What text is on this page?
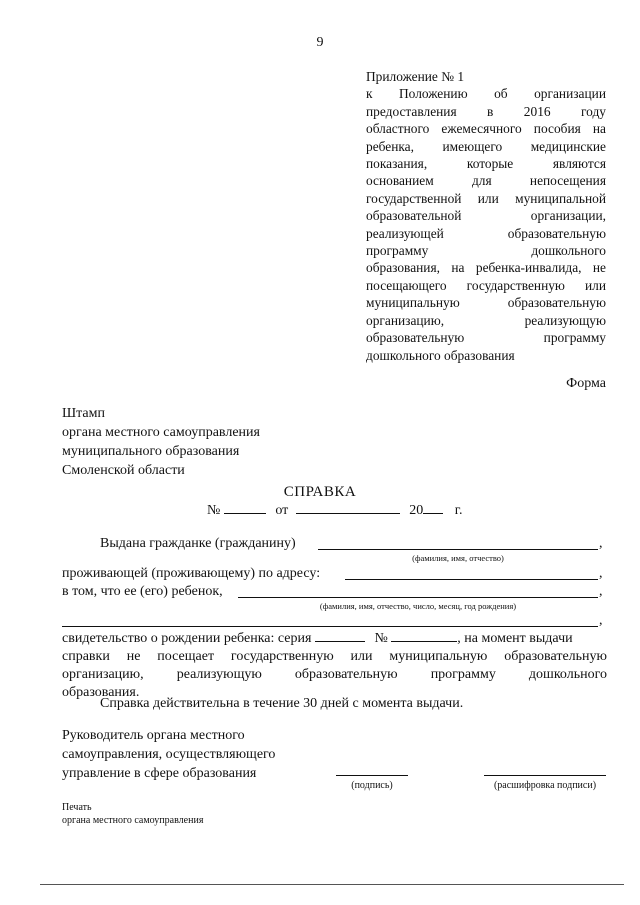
9
Приложение № 1
к Положению об организации
предоставления в 2016 году
областного ежемесячного пособия на
ребенка, имеющего медицинские
показания, которые являются
основанием для непосещения
государственной или муниципальной
образовательной организации,
реализующей образовательную
программу дошкольного
образования, на ребенка-инвалида, не
посещающего государственную или
муниципальную образовательную
организацию, реализующую
образовательную программу
дошкольного образования
Форма
Штамп
органа местного самоуправления
муниципального образования
Смоленской области
СПРАВКА
№	от	20 г.
Выдана гражданке (гражданину)	,
(фамилия, имя, отчество)
проживающей (проживающему) по адресу:	,
в том, что ее (его) ребенок,	,
(фамилия, имя, отчество, число, месяц, год рождения)
,
свидетельство о рождении ребенка: серия	№	, на момент выдачи
справки не посещает государственную или муниципальную образовательную
организацию, реализующую образовательную программу дошкольного
образования.
Справка действительна в течение 30 дней с момента выдачи.
Руководитель органа местного
самоуправления, осуществляющего
управление в сфере образования
(подпись)	(расшифровка подписи)
Печать
органа местного самоуправления
